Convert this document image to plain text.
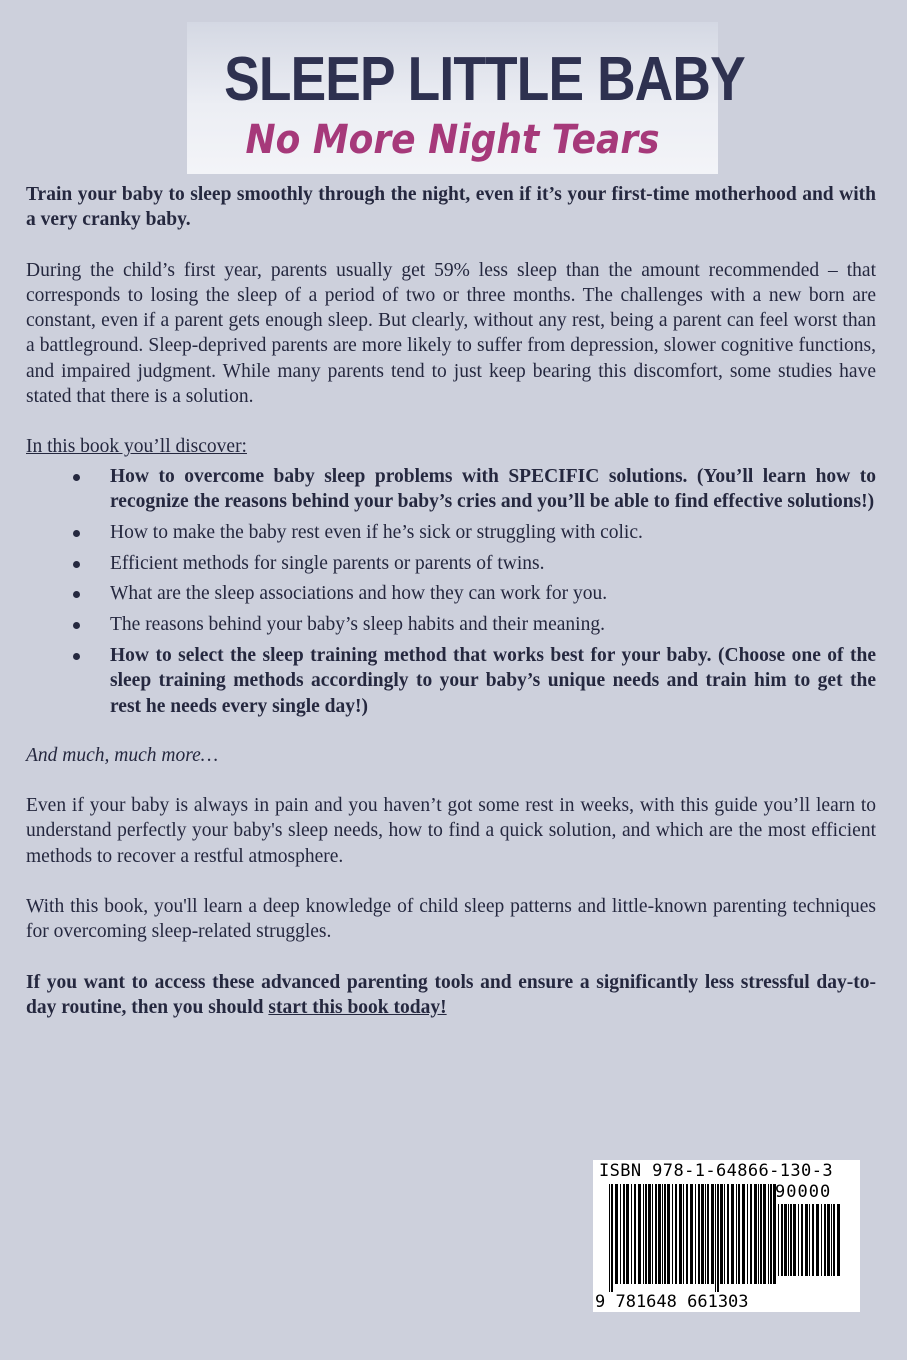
SLEEP LITTLE BABY
No More Night Tears

Train your baby to sleep smoothly through the night, even if it’s your first-time motherhood and with a very cranky baby.

During the child’s first year, parents usually get 59% less sleep than the amount recommended – that corresponds to losing the sleep of a period of two or three months. The challenges with a new born are constant, even if a parent gets enough sleep. But clearly, without any rest, being a parent can feel worst than a battleground. Sleep-deprived parents are more likely to suffer from depression, slower cognitive functions, and impaired judgment. While many parents tend to just keep bearing this discomfort, some studies have stated that there is a solution.

In this book you’ll discover:

How to overcome baby sleep problems with SPECIFIC solutions. (You’ll learn how to recognize the reasons behind your baby’s cries and you’ll be able to find effective solutions!)
How to make the baby rest even if he’s sick or struggling with colic.
Efficient methods for single parents or parents of twins.
What are the sleep associations and how they can work for you.
The reasons behind your baby’s sleep habits and their meaning.
How to select the sleep training method that works best for your baby. (Choose one of the sleep training methods accordingly to your baby’s unique needs and train him to get the rest he needs every single day!)

And much, much more…

Even if your baby is always in pain and you haven’t got some rest in weeks, with this guide you’ll learn to understand perfectly your baby's sleep needs, how to find a quick solution, and which are the most efficient methods to recover a restful atmosphere.

With this book, you'll learn a deep knowledge of child sleep patterns and little-known parenting techniques for overcoming sleep-related struggles.

If you want to access these advanced parenting tools and ensure a significantly less stressful day-to-day routine, then you should start this book today!

ISBN 978-1-64866-130-3
90000
9 781648 661303
